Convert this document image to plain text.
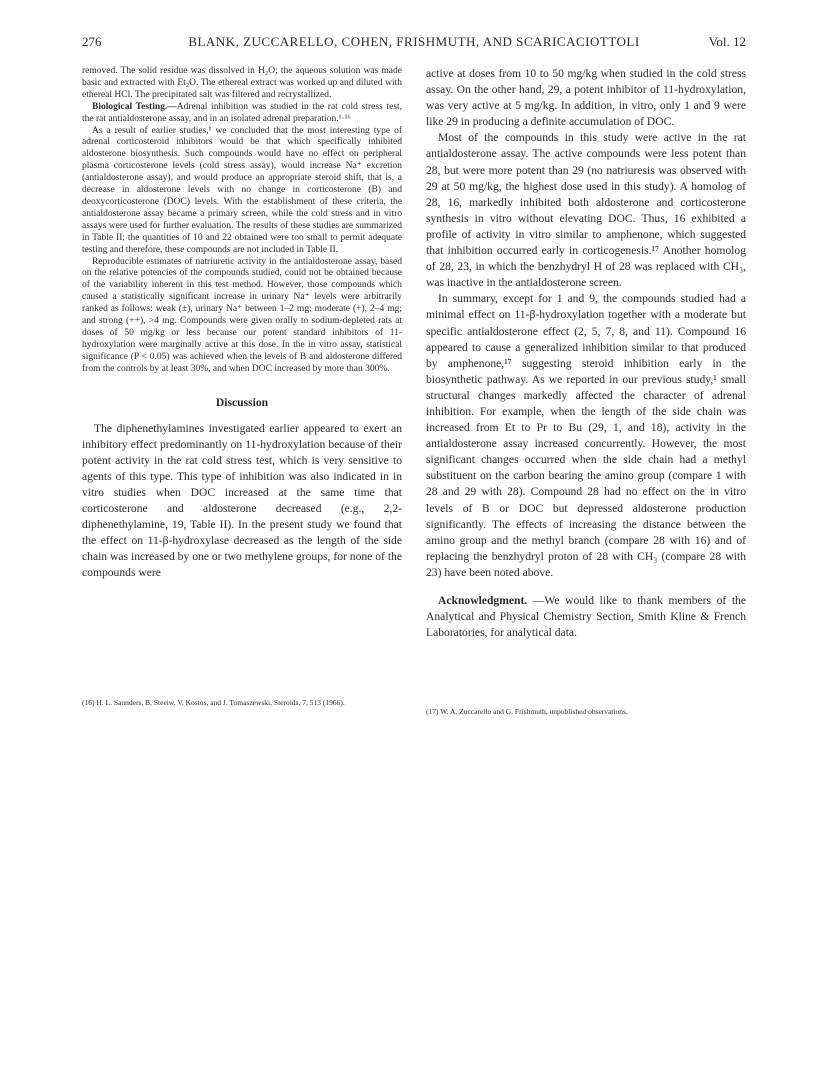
276	BLANK, ZUCCARELLO, COHEN, FRISHMUTH, AND SCARICACIOTTOLI	Vol. 12

removed. The solid residue was dissolved in H₂O; the aqueous solution was made basic and extracted with Et₂O. The ethereal extract was worked up and diluted with ethereal HCl. The precipitated salt was filtered and recrystallized.

Biological Testing.—Adrenal inhibition was studied in the rat cold stress test, the rat antialdosterone assay, and in an isolated adrenal preparation.¹·¹⁶

As a result of earlier studies,¹ we concluded that the most interesting type of adrenal corticosteroid inhibitors would be that which specifically inhibited aldosterone biosynthesis. Such compounds would have no effect on peripheral plasma corticosterone levels (cold stress assay), would increase Na⁺ excretion (antialdosterone assay), and would produce an appropriate steroid shift, that is, a decrease in aldosterone levels with no change in corticosterone (B) and deoxycorticosterone (DOC) levels. With the establishment of these criteria, the antialdosterone assay became a primary screen, while the cold stress and in vitro assays were used for further evaluation. The results of these studies are summarized in Table II; the quantities of 10 and 22 obtained were too small to permit adequate testing and therefore, these compounds are not included in Table II.

Reproducible estimates of natriuretic activity in the antialdosterone assay, based on the relative potencies of the compounds studied, could not be obtained because of the variability inherent in this test method. However, those compounds which caused a statistically significant increase in urinary Na⁺ levels were arbitrarily ranked as follows: weak (±), urinary Na⁺ between 1–2 mg; moderate (+), 2–4 mg; and strong (++), >4 mg. Compounds were given orally to sodium-depleted rats at doses of 50 mg/kg or less because our potent standard inhibitors of 11-hydroxylation were marginally active at this dose. In the in vitro assay, statistical significance (P < 0.05) was achieved when the levels of B and aldosterone differed from the controls by at least 30%, and when DOC increased by more than 300%.

Discussion

The diphenethylamines investigated earlier appeared to exert an inhibitory effect predominantly on 11-hydroxylation because of their potent activity in the rat cold stress test, which is very sensitive to agents of this type. This type of inhibition was also indicated in in vitro studies when DOC increased at the same time that corticosterone and aldosterone decreased (e.g., 2,2-diphenethylamine, 19, Table II). In the present study we found that the effect on 11-β-hydroxylase decreased as the length of the side chain was increased by one or two methylene groups, for none of the compounds were

active at doses from 10 to 50 mg/kg when studied in the cold stress assay. On the other hand, 29, a potent inhibitor of 11-hydroxylation, was very active at 5 mg/kg. In addition, in vitro, only 1 and 9 were like 29 in producing a definite accumulation of DOC.

Most of the compounds in this study were active in the rat antialdosterone assay. The active compounds were less potent than 28, but were more potent than 29 (no natriuresis was observed with 29 at 50 mg/kg, the highest dose used in this study). A homolog of 28, 16, markedly inhibited both aldosterone and corticosterone synthesis in vitro without elevating DOC. Thus, 16 exhibited a profile of activity in vitro similar to amphenone, which suggested that inhibition occurred early in corticogenesis.¹⁷ Another homolog of 28, 23, in which the benzhydryl H of 28 was replaced with CH₃, was inactive in the antialdosterone screen.

In summary, except for 1 and 9, the compounds studied had a minimal effect on 11-β-hydroxylation together with a moderate but specific antialdosterone effect (2, 5, 7, 8, and 11). Compound 16 appeared to cause a generalized inhibition similar to that produced by amphenone,¹⁷ suggesting steroid inhibition early in the biosynthetic pathway. As we reported in our previous study,¹ small structural changes markedly affected the character of adrenal inhibition. For example, when the length of the side chain was increased from Et to Pr to Bu (29, 1, and 18), activity in the antialdosterone assay increased concurrently. However, the most significant changes occurred when the side chain had a methyl substituent on the carbon bearing the amino group (compare 1 with 28 and 29 with 28). Compound 28 had no effect on the in vitro levels of B or DOC but depressed aldosterone production significantly. The effects of increasing the distance between the amino group and the methyl branch (compare 28 with 16) and of replacing the benzhydryl proton of 28 with CH₃ (compare 28 with 23) have been noted above.

Acknowledgment. —We would like to thank members of the Analytical and Physical Chemistry Section, Smith Kline & French Laboratories, for analytical data.

(16) H. L. Saunders, B. Steeiw, V. Kostos, and J. Tomaszewski, Steroids, 7, 513 (1966).
(17) W. A. Zuccarello and G. Frishmuth, unpublished observations.
